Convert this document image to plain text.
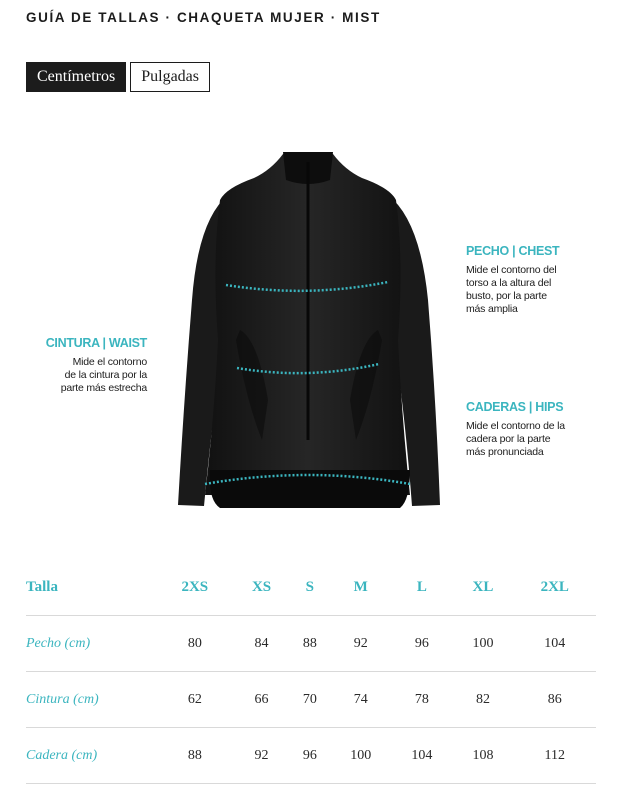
GUÍA DE TALLAS · CHAQUETA MUJER · MIST
Centímetros	Pulgadas
PECHO | CHEST
Mide el contorno del
torso a la altura del
busto, por la parte
más amplia
CINTURA | WAIST
Mide el contorno
de la cintura por la
parte más estrecha
CADERAS | HIPS
Mide el contorno de la
cadera por la parte
más pronunciada
Talla	2XS	XS	S	M	L	XL	2XL
Pecho (cm)	80	84	88	92	96	100	104
Cintura (cm)	62	66	70	74	78	82	86
Cadera (cm)	88	92	96	100	104	108	112
